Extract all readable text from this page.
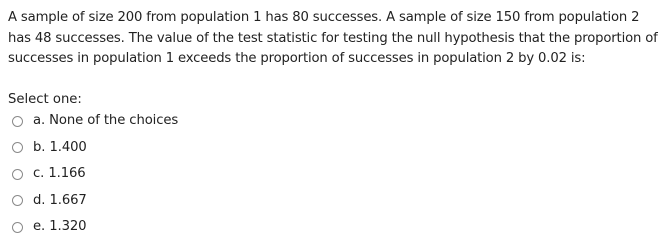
A sample of size 200 from population 1 has 80 successes. A sample of size 150 from population 2 has 48 successes. The value of the test statistic for testing the null hypothesis that the proportion of successes in population 1 exceeds the proportion of successes in population 2 by 0.02 is:
Select one:
a. None of the choices
b. 1.400
c. 1.166
d. 1.667
e. 1.320
